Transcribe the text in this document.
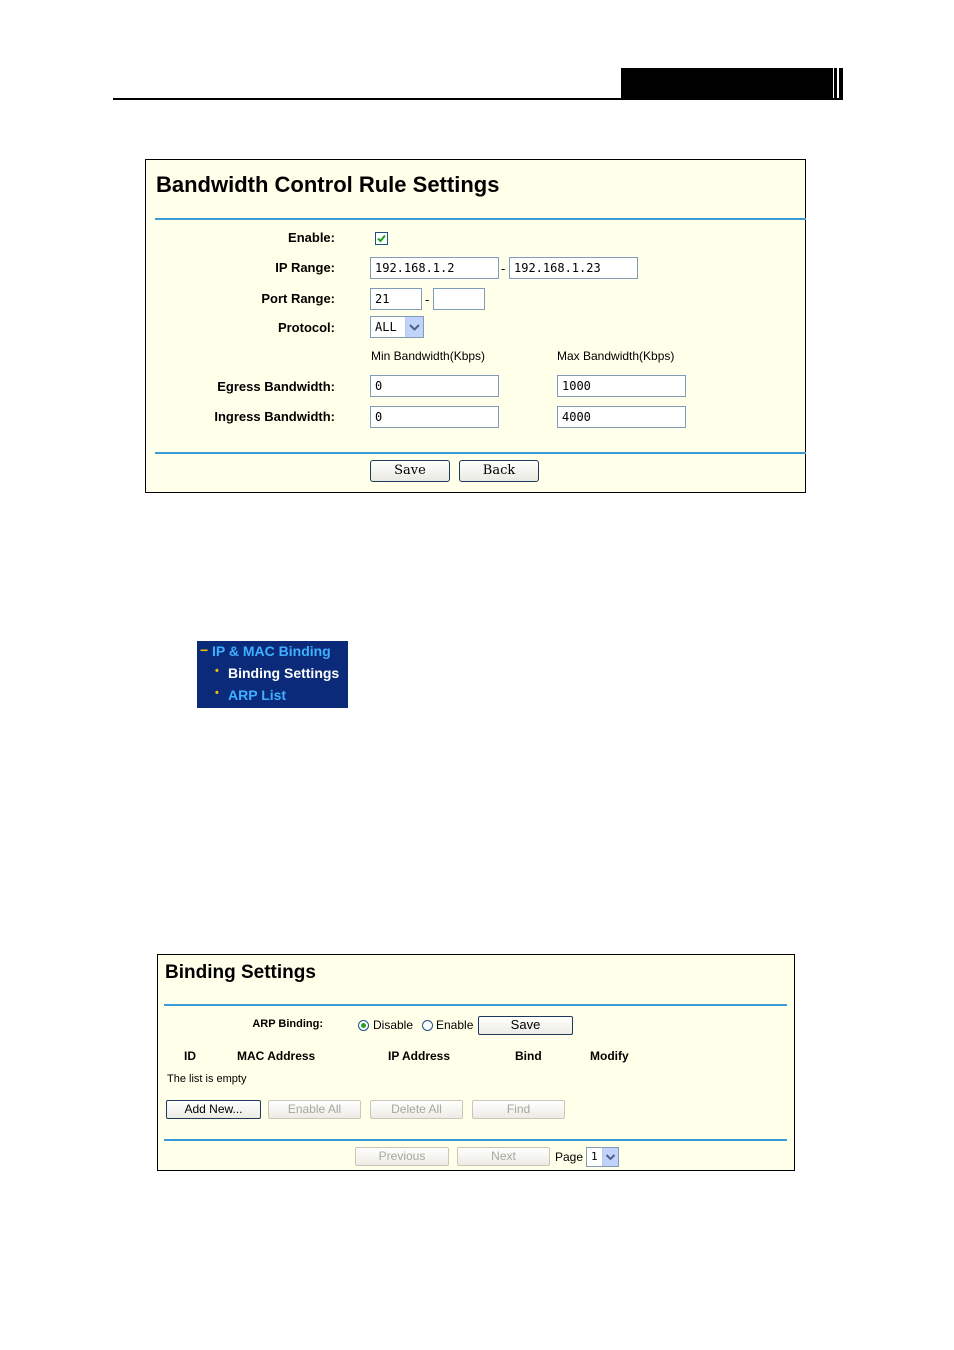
Bandwidth Control Rule Settings
Enable:
IP Range:	192.168.1.2	- 192.168.1.23
Port Range:	21	-
Protocol:	ALL
Min Bandwidth(Kbps)	Max Bandwidth(Kbps)
Egress Bandwidth:	0	1000
Ingress Bandwidth:	0	4000
Save	Back
− IP & MAC Binding
• Binding Settings
• ARP List
Binding Settings
ARP Binding:	Disable Enable	Save
ID	MAC Address	IP Address	Bind	Modify
The list is empty
Add New...	Enable All	Delete All	Find
Previous	Next	Page 1
